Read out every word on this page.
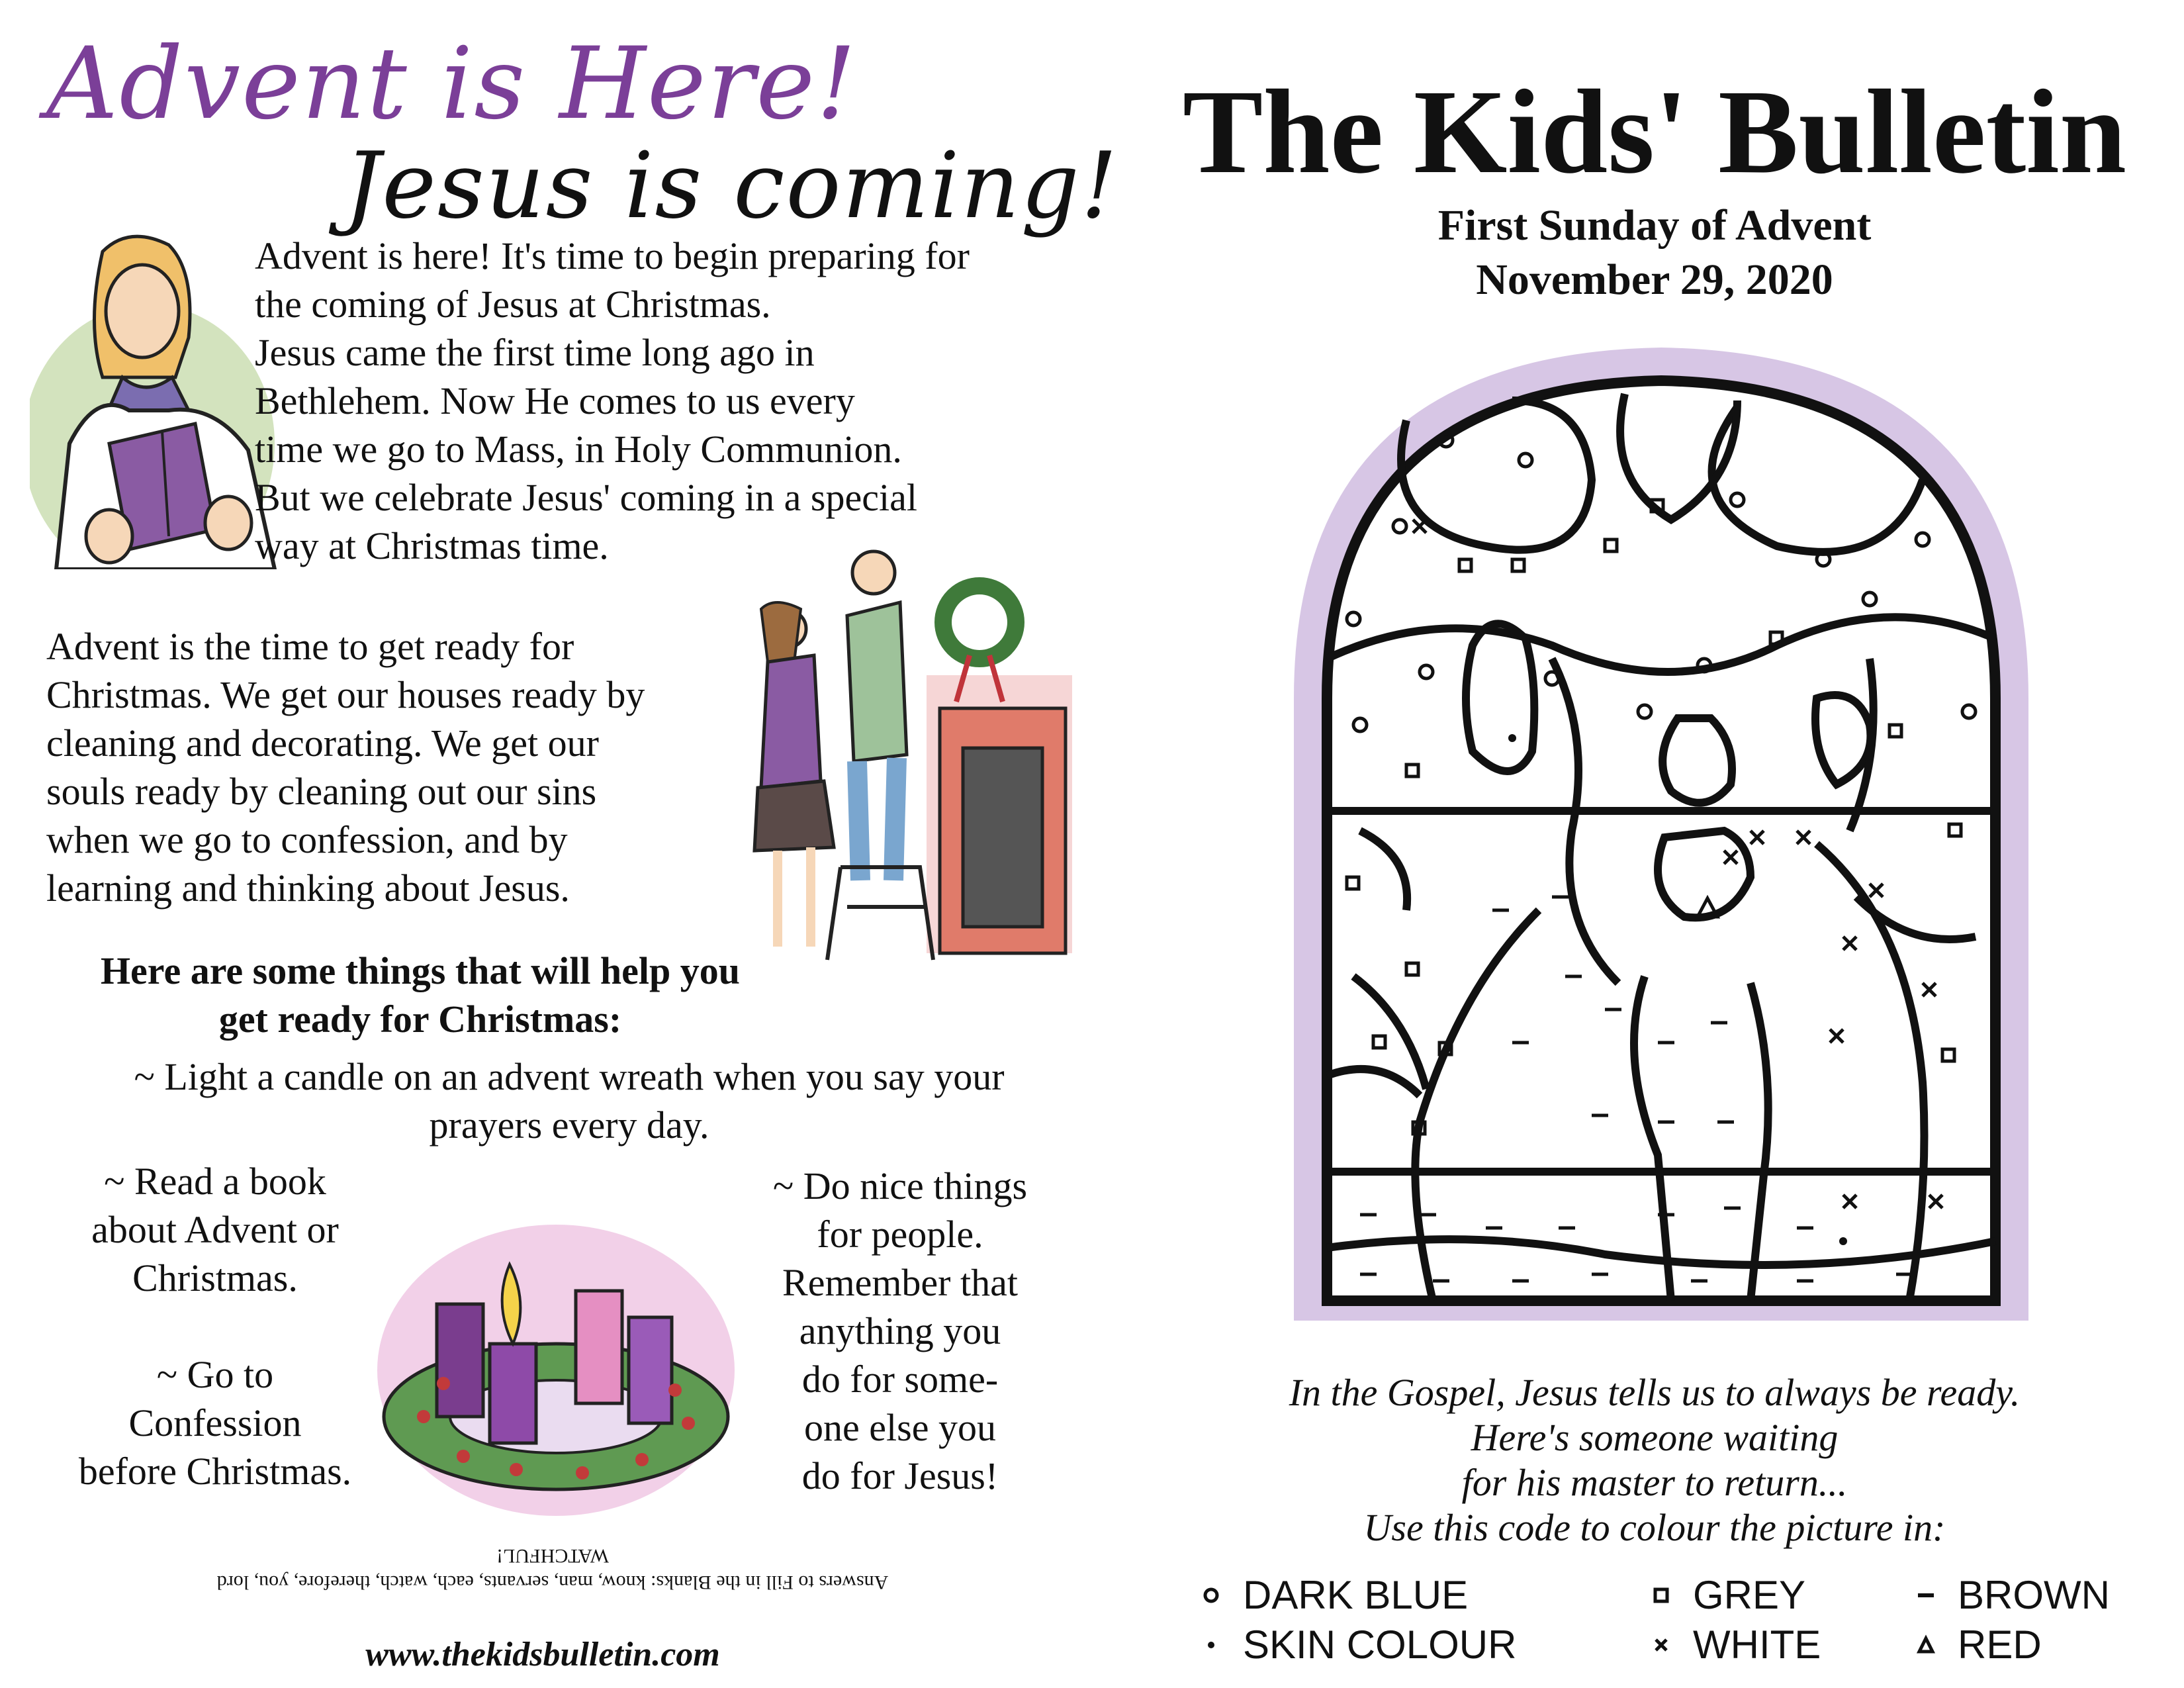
Advent is Here!
Jesus is coming!
Advent is here! It's time to begin preparing for
the coming of Jesus at Christmas.
Jesus came the first time long ago in
Bethlehem. Now He comes to us every
time we go to Mass, in Holy Communion.
But we celebrate Jesus' coming in a special
way at Christmas time.
Advent is the time to get ready for
Christmas. We get our houses ready by
cleaning and decorating. We get our
souls ready by cleaning out our sins
when we go to confession, and by
learning and thinking about Jesus.
Here are some things that will help you
get ready for Christmas:
~ Light a candle on an advent wreath when you say your
prayers every day.
~ Read a book
about Advent or
Christmas.
~ Go to
Confession
before Christmas.
~ Do nice things
for people.
Remember that
anything you
do for some-
one else you
do for Jesus!
Answers to Fill in the Blanks: know, man, servants, each, watch, therefore, you, lord
WATCHFUL!
www.thekidsbulletin.com
The Kids' Bulletin
First Sunday of Advent
November 29, 2020
In the Gospel, Jesus tells us to always be ready.
Here's someone waiting
for his master to return...
Use this code to colour the picture in:
DARK BLUE
SKIN COLOUR
GREY
WHITE
BROWN
RED
